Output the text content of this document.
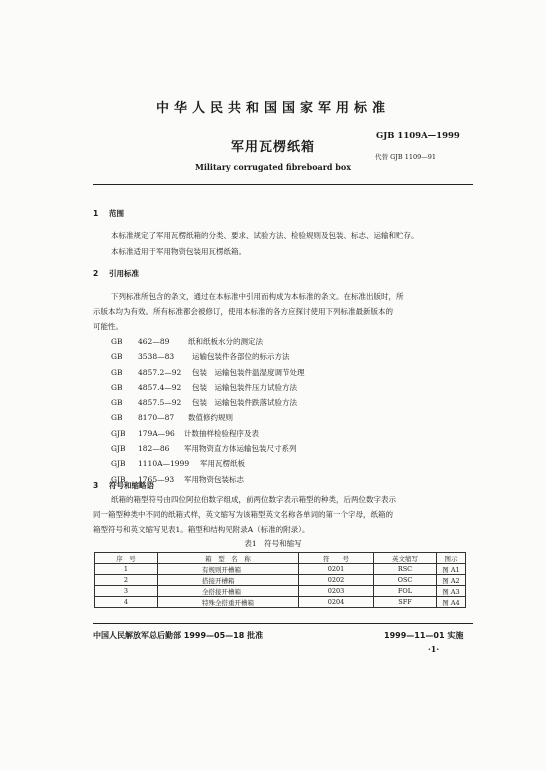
中华人民共和国国家军用标准
GJB 1109A—1999
军用瓦楞纸箱
代替 GJB 1109—91
Military corrugated fibreboard box
1 范围
本标准规定了军用瓦楞纸箱的分类、要求、试验方法、检验规则及包装、标志、运输和贮存。
本标准适用于军用物资包装用瓦楞纸箱。
2 引用标准
下列标准所包含的条文，通过在本标准中引用而构成为本标准的条文。在标准出版时，所
示版本均为有效。所有标准都会被修订，使用本标准的各方应探讨使用下列标准最新版本的
可能性。
GB 462—89 纸和纸板水分的测定法
GB 3538—83 运输包装件各部位的标示方法
GB 4857.2—92 包装　运输包装件温湿度调节处理
GB 4857.4—92 包装　运输包装件压力试验方法
GB 4857.5—92 包装　运输包装件跌落试验方法
GB 8170—87 数值修约规则
GJB 179A—96 计数抽样检验程序及表
GJB 182—86 军用物资直方体运输包装尺寸系列
GJB 1110A—1999 军用瓦楞纸板
GJB 1765—93 军用物资包装标志
3 符号和缩略语
纸箱的箱型符号由四位阿拉伯数字组成，前两位数字表示箱型的种类，后两位数字表示
同一箱型种类中不同的纸箱式样，英文缩写为该箱型英文名称各单词的第一个字母，纸箱的
箱型符号和英文缩写见表1。箱型和结构见附录A（标准的附录）。
表1　符号和缩写
序　号	箱　型　名　称	符　　号	英文缩写	图示
1	有规则开槽箱	0201	RSC	图 A1
2	搭接开槽箱	0202	OSC	图 A2
3	全搭接开槽箱	0203	FOL	图 A3
4	特殊全搭重开槽箱	0204	SFF	图 A4
中国人民解放军总后勤部 1999—05—18 批准	1999—11—01 实施
·1·
